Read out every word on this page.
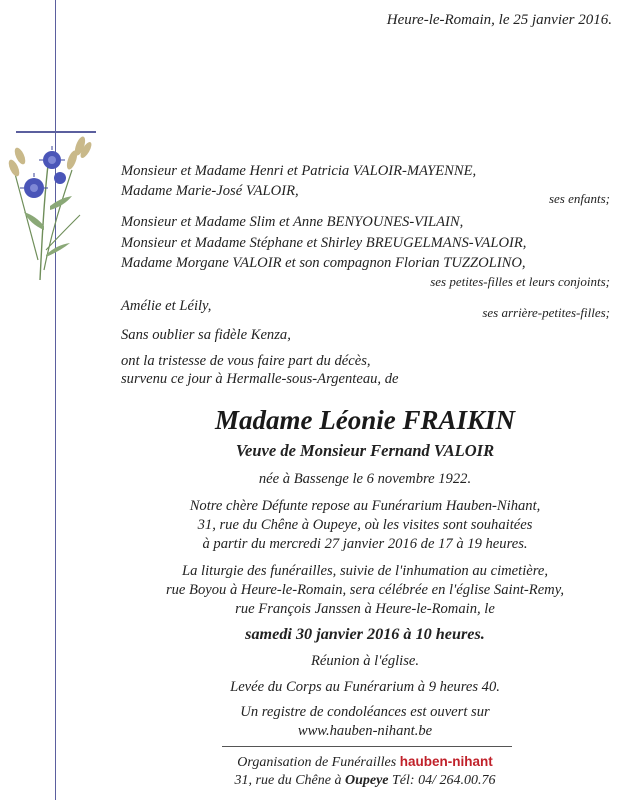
Heure-le-Romain, le 25 janvier 2016.
Monsieur et Madame Henri et Patricia VALOIR-MAYENNE,
Madame Marie-José VALOIR,	ses enfants;
Monsieur et Madame Slim et Anne BENYOUNES-VILAIN,
Monsieur et Madame Stéphane et Shirley BREUGELMANS-VALOIR,
Madame Morgane VALOIR et son compagnon Florian TUZZOLINO,
ses petites-filles et leurs conjoints;
Amélie et Léily,	ses arrière-petites-filles;
Sans oublier sa fidèle Kenza,
ont la tristesse de vous faire part du décès,
survenu ce jour à Hermalle-sous-Argenteau, de
Madame Léonie FRAIKIN
Veuve de Monsieur Fernand VALOIR
née à Bassenge le 6 novembre 1922.
Notre chère Défunte repose au Funérarium Hauben-Nihant,
31, rue du Chêne à Oupeye, où les visites sont souhaitées
à partir du mercredi 27 janvier 2016 de 17 à 19 heures.
La liturgie des funérailles, suivie de l'inhumation au cimetière,
rue Boyou à Heure-le-Romain, sera célébrée en l'église Saint-Remy,
rue François Janssen à Heure-le-Romain, le
samedi 30 janvier 2016 à 10 heures.
Réunion à l'église.
Levée du Corps au Funérarium à 9 heures 40.
Un registre de condoléances est ouvert sur
www.hauben-nihant.be
Organisation de Funérailles hauben-nihant
31, rue du Chêne à Oupeye Tél: 04/ 264.00.76
